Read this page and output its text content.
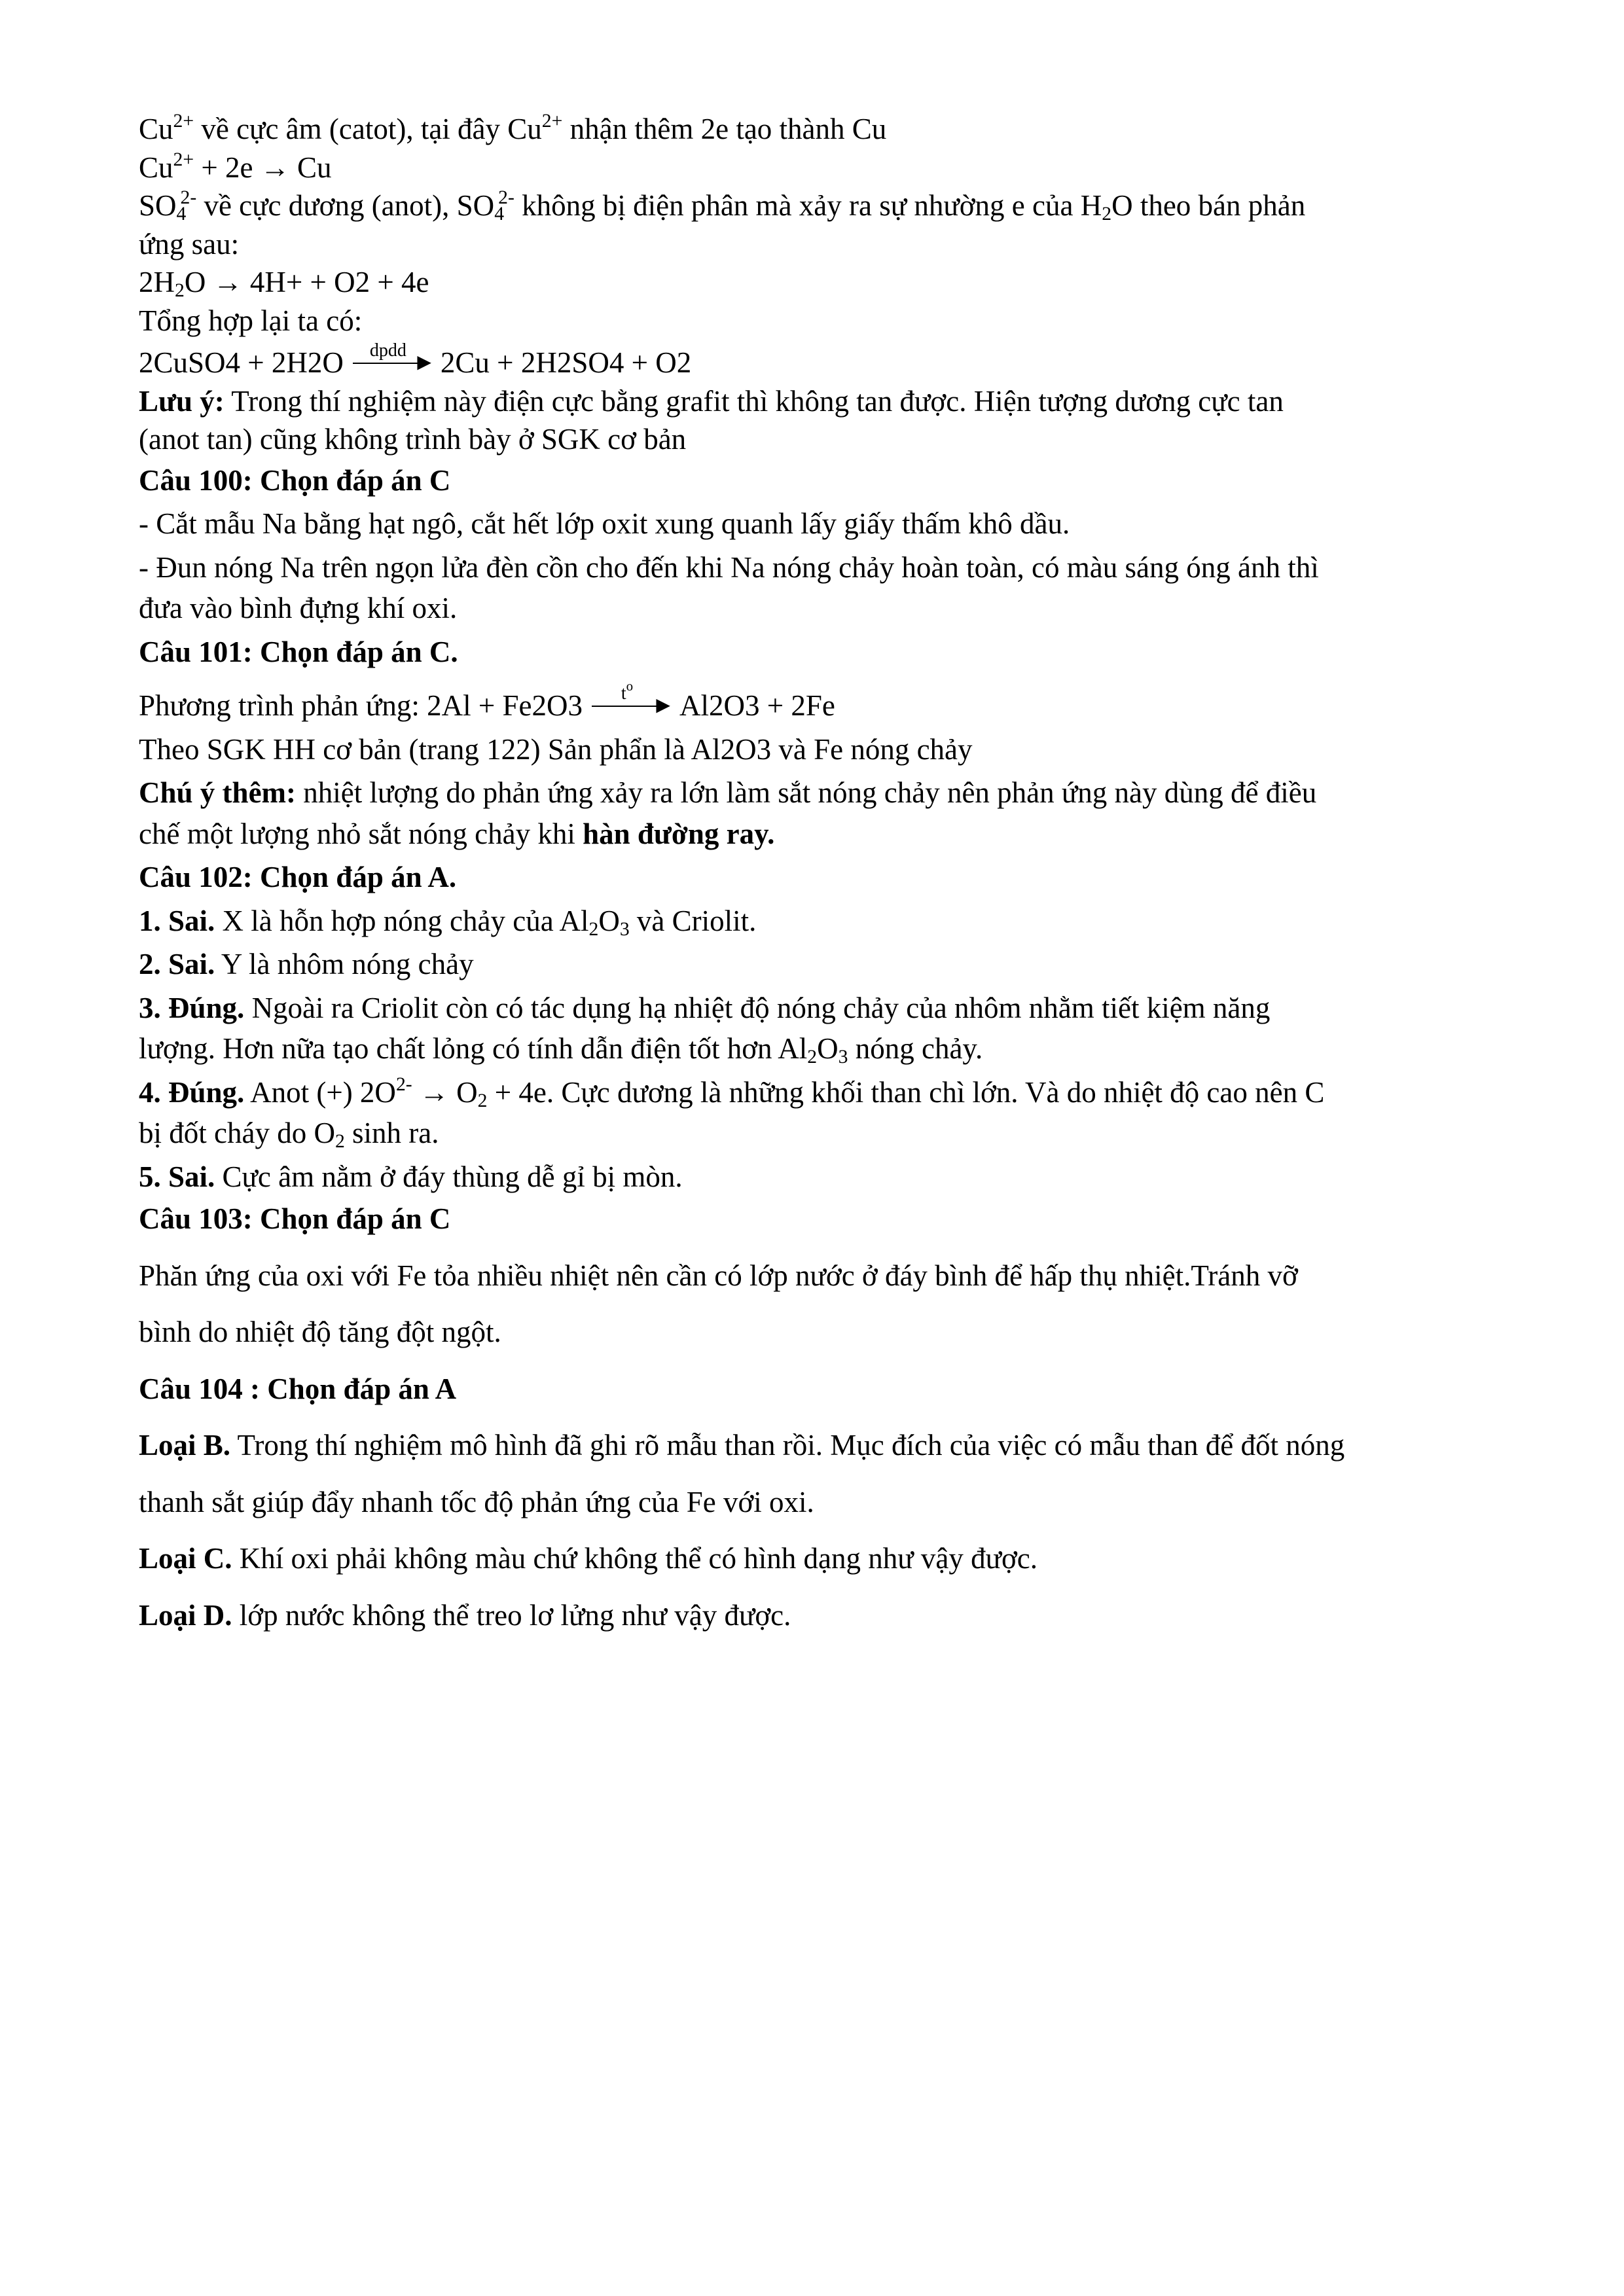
$Cu^{2+}$ về cực âm (catot), tại đây $Cu^{2+}$ nhận thêm 2e tạo thành Cu

$Cu^{2+} + 2e \to Cu$

$SO_4^{2-}$ về cực dương (anot), $SO_4^{2-}$ không bị điện phân mà xảy ra sự nhường e của $H_2O$ theo bán phản

ứng sau:

$2H_2O \to 4H+ + O2 + 4e$

Tổng hợp lại ta có:

2CuSO4 + 2H2O	dpdd
▶ 2Cu + 2H2SO4 + O2

Lưu ý: Trong thí nghiệm này điện cực bằng grafit thì không tan được. Hiện tượng dương cực tan

(anot tan) cũng không trình bày ở SGK cơ bản

Câu 100: Chọn đáp án C

- Cắt mẫu Na bằng hạt ngô, cắt hết lớp oxit xung quanh lấy giấy thấm khô dầu.

- Đun nóng Na trên ngọn lửa đèn cồn cho đến khi Na nóng chảy hoàn toàn, có màu sáng óng ánh thì

đưa vào bình đựng khí oxi.

Câu 101: Chọn đáp án C.

Phương trình phản ứng: 2Al + Fe2O3	$t^o$
▶ Al2O3 + 2Fe

Theo SGK HH cơ bản (trang 122) Sản phẩn là Al2O3 và Fe nóng chảy

Chú ý thêm: nhiệt lượng do phản ứng xảy ra lớn làm sắt nóng chảy nên phản ứng này dùng để điều

chế một lượng nhỏ sắt nóng chảy khi hàn đường ray.

Câu 102: Chọn đáp án A.

1. Sai. X là hỗn hợp nóng chảy của $Al_2O_3$ và Criolit.

2. Sai. Y là nhôm nóng chảy

3. Đúng. Ngoài ra Criolit còn có tác dụng hạ nhiệt độ nóng chảy của nhôm nhằm tiết kiệm năng

lượng. Hơn nữa tạo chất lỏng có tính dẫn điện tốt hơn $Al_2O_3$ nóng chảy.

4. Đúng. Anot (+) $2O^{2-} \to O_2 + 4e$. Cực dương là những khối than chì lớn. Và do nhiệt độ cao nên C

bị đốt cháy do $O_2$ sinh ra.

5. Sai. Cực âm nằm ở đáy thùng dễ gỉ bị mòn.

Câu 103: Chọn đáp án C

Phăn ứng của oxi với Fe tỏa nhiều nhiệt nên cần có lớp nước ở đáy bình để hấp thụ nhiệt.Tránh vỡ

bình do nhiệt độ tăng đột ngột.

Câu 104 : Chọn đáp án A

Loại B. Trong thí nghiệm mô hình đã ghi rõ mẫu than rồi. Mục đích của việc có mẫu than để đốt nóng

thanh sắt giúp đẩy nhanh tốc độ phản ứng của Fe với oxi.

Loại C. Khí oxi phải không màu chứ không thể có hình dạng như vậy được.

Loại D. lớp nước không thể treo lơ lửng như vậy được.
